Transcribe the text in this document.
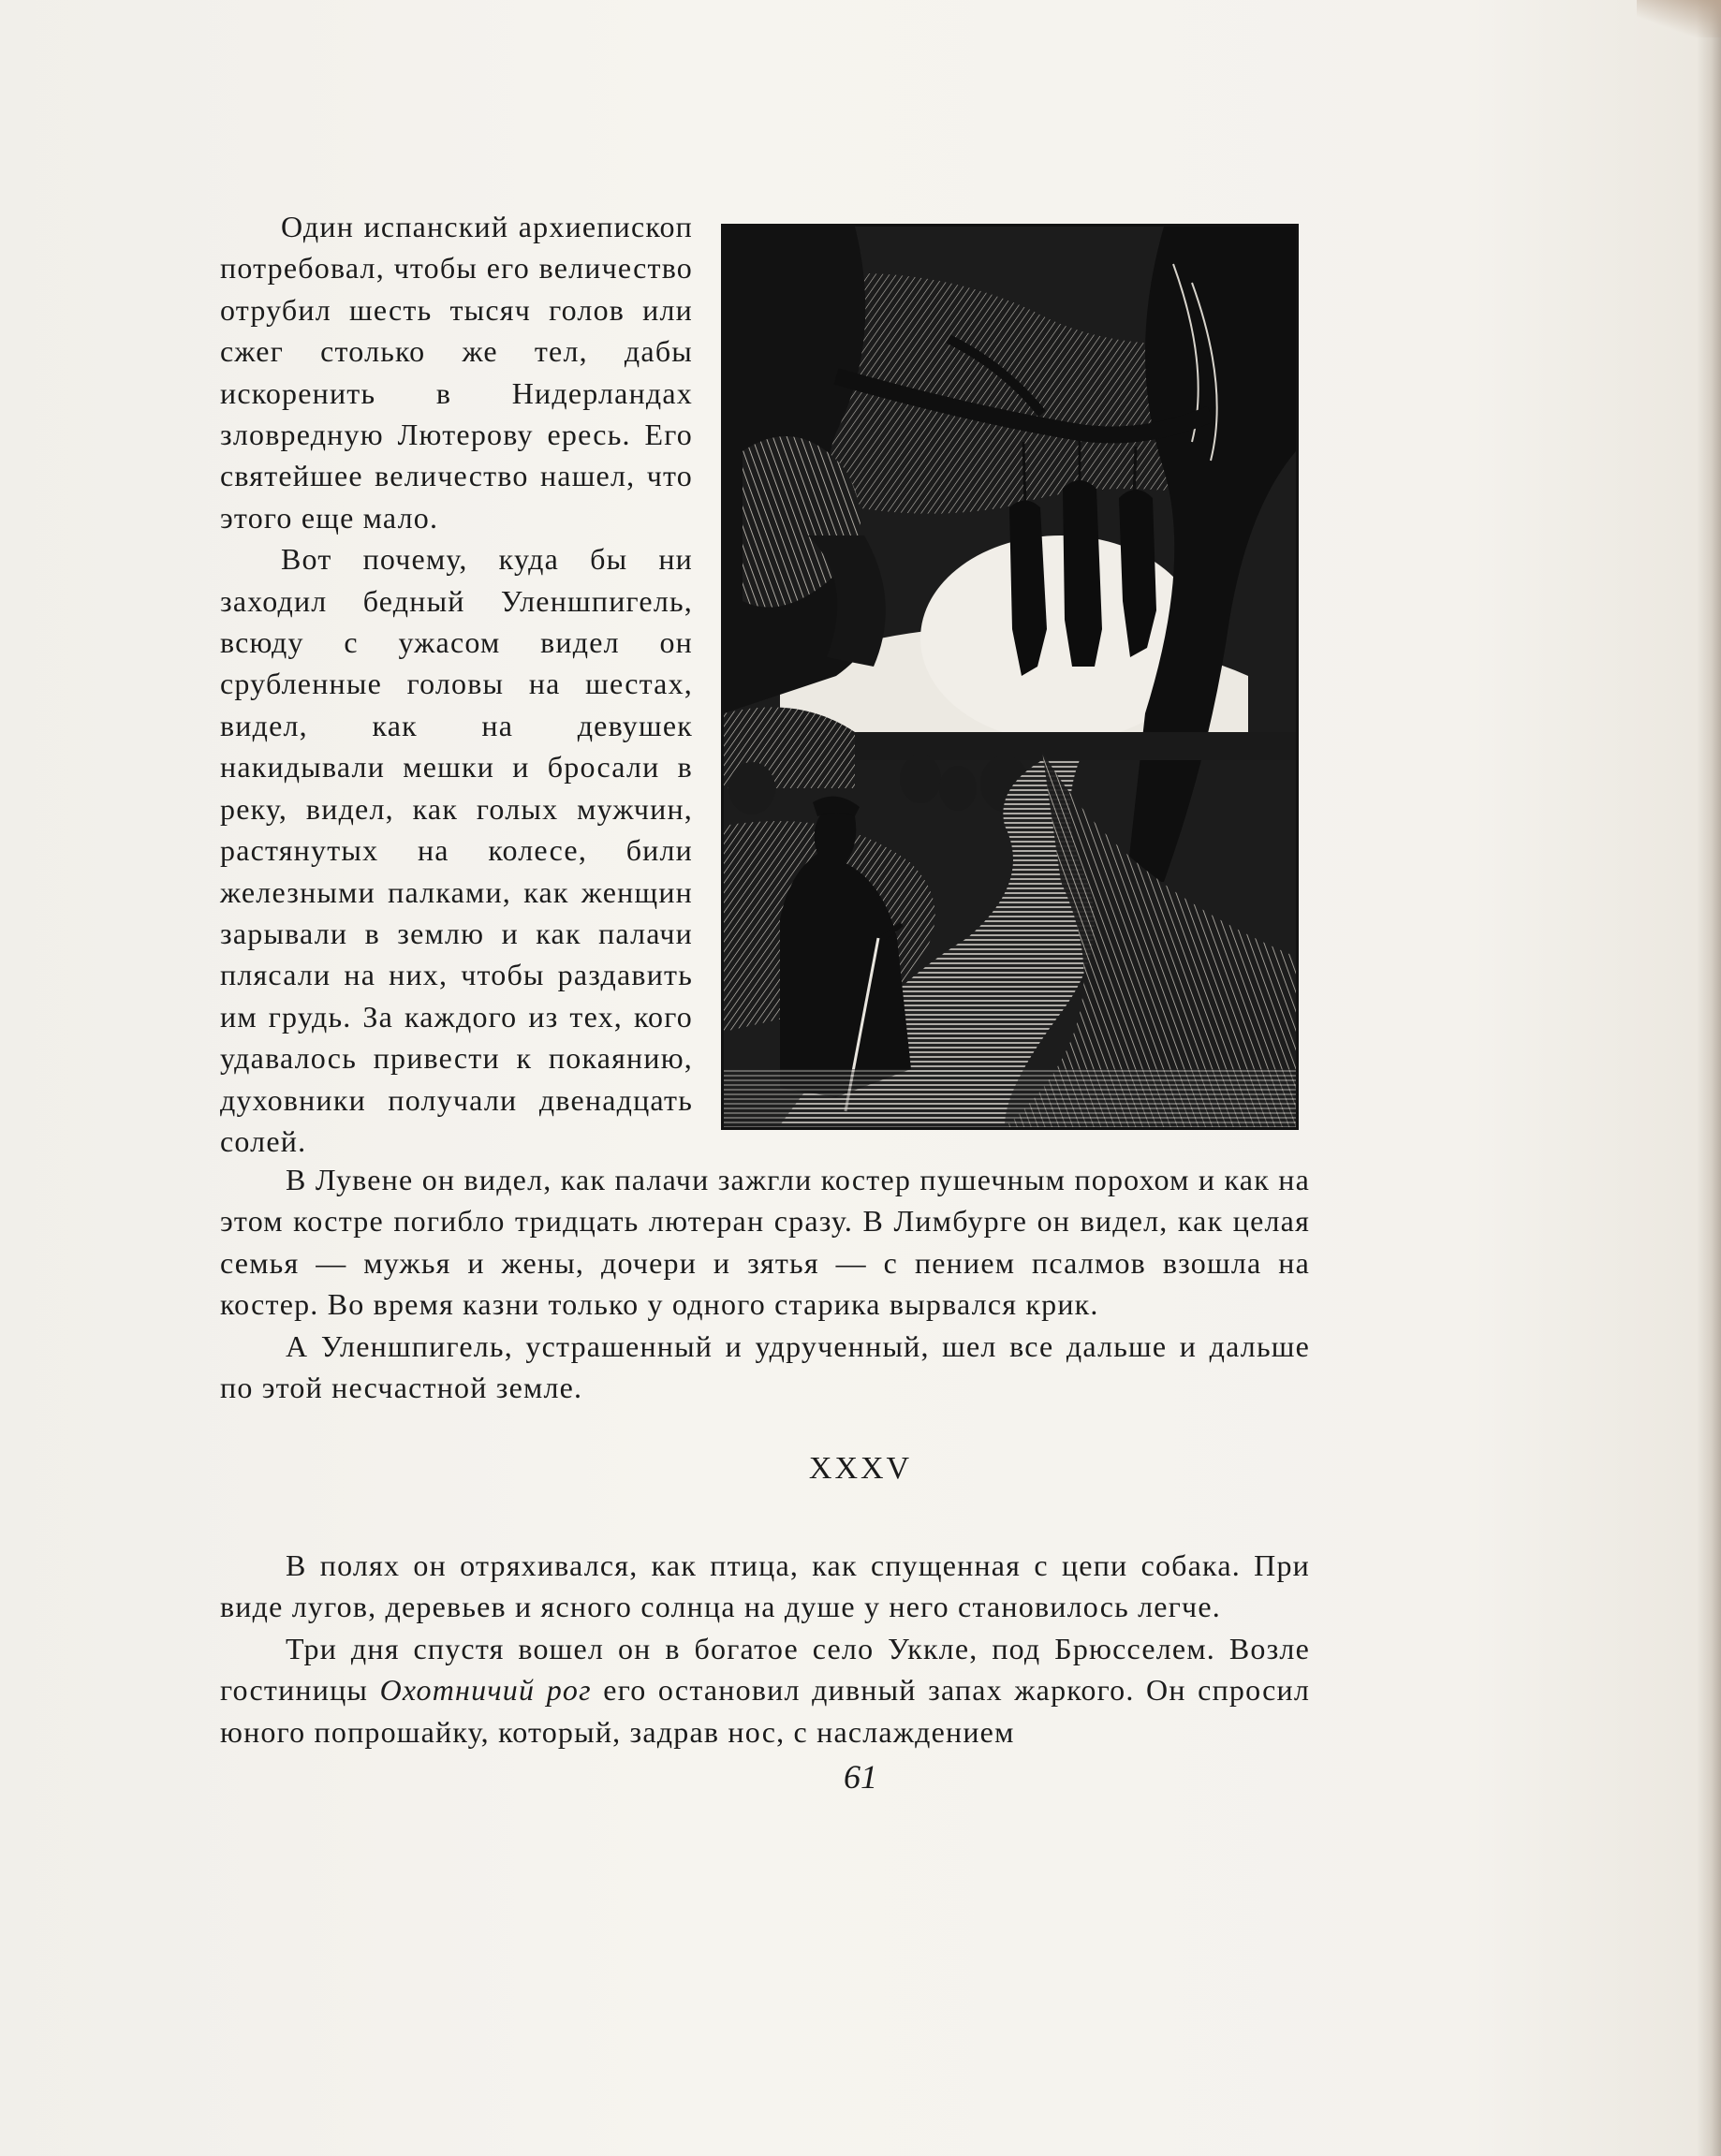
Один испанский архиепископ потребовал, чтобы его величество отрубил шесть тысяч голов или сжег столько же тел, дабы искоренить в Нидерландах зловредную Лютерову ересь. Его святейшее величество нашел, что этого еще мало.

Вот почему, куда бы ни заходил бедный Уленшпигель, всюду с ужасом видел он срубленные головы на шестах, видел, как на девушек накидывали мешки и бросали в реку, видел, как голых мужчин, растянутых на колесе, били железными палками, как женщин зарывали в землю и как палачи плясали на них, чтобы раздавить им грудь. За каждого из тех, кого удавалось привести к покаянию, духовники получали двенадцать солей.

В Лувене он видел, как палачи зажгли костер пушечным порохом и как на этом костре погибло тридцать лютеран сразу. В Лимбурге он видел, как целая семья — мужья и жены, дочери и зятья — с пением псалмов взошла на костер. Во время казни только у одного старика вырвался крик.

А Уленшпигель, устрашенный и удрученный, шел все дальше и дальше по этой несчастной земле.

XXXV

В полях он отряхивался, как птица, как спущенная с цепи собака. При виде лугов, деревьев и ясного солнца на душе у него становилось легче.

Три дня спустя вошел он в богатое село Уккле, под Брюсселем. Возле гостиницы Охотничий рог его остановил дивный запах жаркого. Он спросил юного попрошайку, который, задрав нос, с наслаждением

61
